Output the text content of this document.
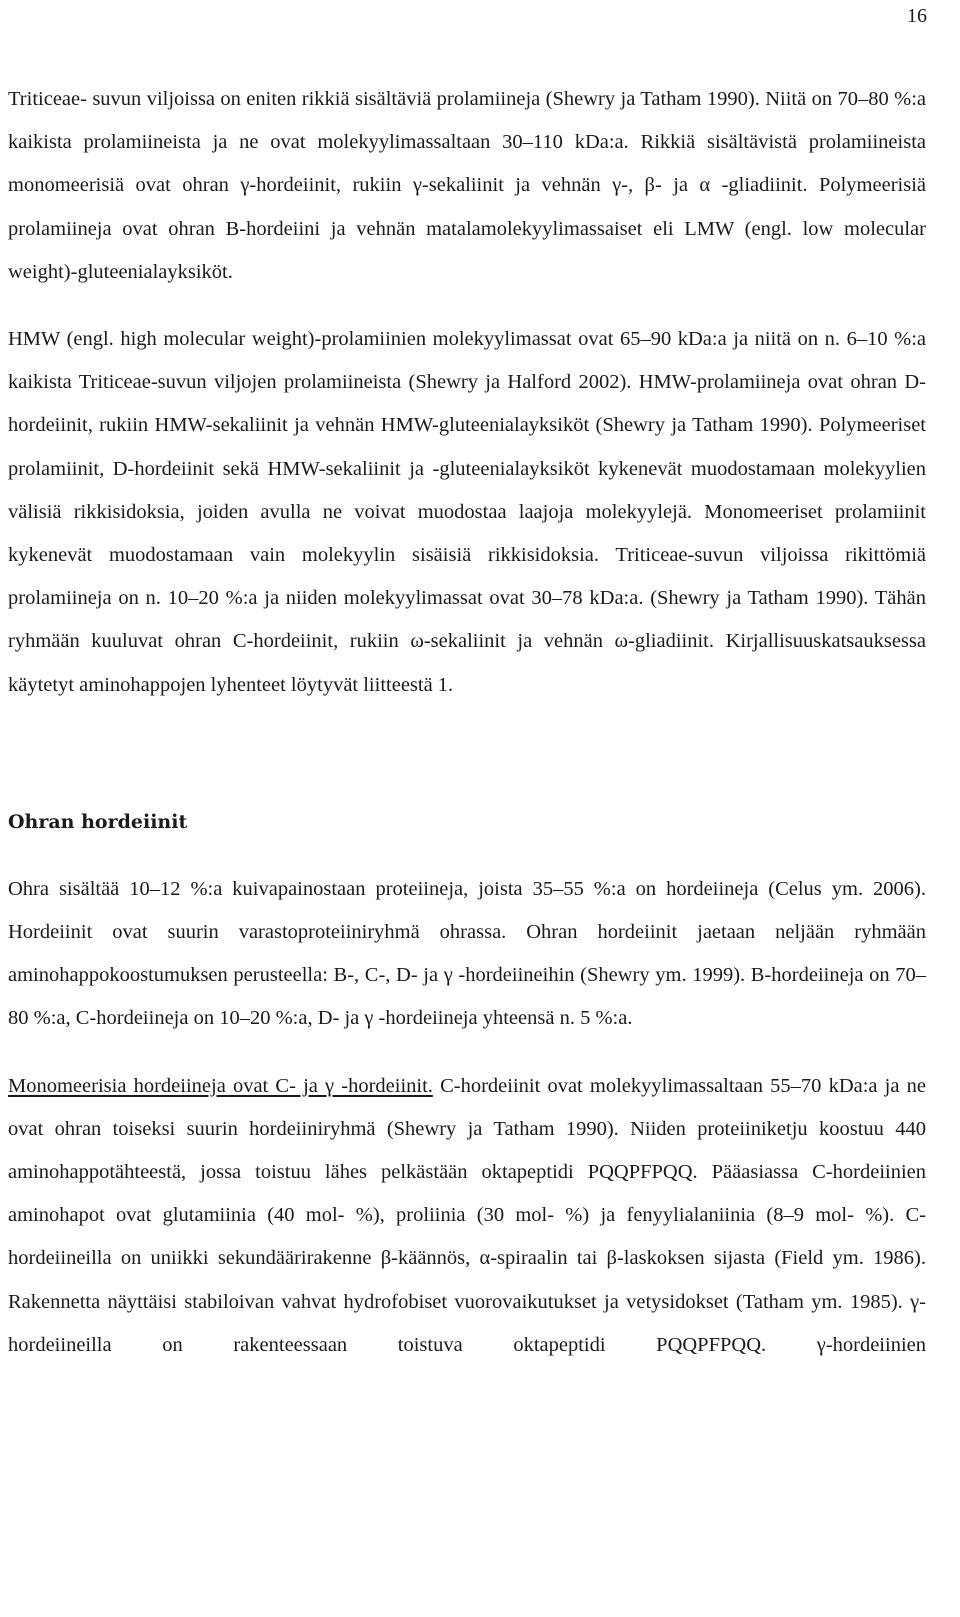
16

Triticeae- suvun viljoissa on eniten rikkiä sisältäviä prolamiineja (Shewry ja Tatham 1990). Niitä on 70–80 %:a kaikista prolamiineista ja ne ovat molekyylimassaltaan 30–110 kDa:a. Rikkiä sisältävistä prolamiineista monomeerisiä ovat ohran γ-hordeiinit, rukiin γ-sekaliinit ja vehnän γ-, β- ja α -gliadiinit. Polymeerisiä prolamiineja ovat ohran B-hordeiini ja vehnän matalamolekyylimassaiset eli LMW (engl. low molecular weight)-gluteenialayksiköt.

HMW (engl. high molecular weight)-prolamiinien molekyylimassat ovat 65–90 kDa:a ja niitä on n. 6–10 %:a kaikista Triticeae-suvun viljojen prolamiineista (Shewry ja Halford 2002). HMW-prolamiineja ovat ohran D-hordeiinit, rukiin HMW-sekaliinit ja vehnän HMW-gluteenialayksiköt (Shewry ja Tatham 1990). Polymeeriset prolamiinit, D-hordeiinit sekä HMW-sekaliinit ja -gluteenialayksiköt kykenevät muodostamaan molekyylien välisiä rikkisidoksia, joiden avulla ne voivat muodostaa laajoja molekyylejä. Monomeeriset prolamiinit kykenevät muodostamaan vain molekyylin sisäisiä rikkisidoksia. Triticeae-suvun viljoissa rikittömiä prolamiineja on n. 10–20 %:a ja niiden molekyylimassat ovat 30–78 kDa:a. (Shewry ja Tatham 1990). Tähän ryhmään kuuluvat ohran C-hordeiinit, rukiin ω-sekaliinit ja vehnän ω-gliadiinit. Kirjallisuuskatsauksessa käytetyt aminohappojen lyhenteet löytyvät liitteestä 1.

Ohran hordeiinit

Ohra sisältää 10–12 %:a kuivapainostaan proteiineja, joista 35–55 %:a on hordeiineja (Celus ym. 2006). Hordeiinit ovat suurin varastoproteiiniryhmä ohrassa. Ohran hordeiinit jaetaan neljään ryhmään aminohappokoostumuksen perusteella: B-, C-, D- ja γ -hordeiineihin (Shewry ym. 1999). B-hordeiineja on 70–80 %:a, C-hordeiineja on 10–20 %:a, D- ja γ -hordeiineja yhteensä n. 5 %:a.

Monomeerisia hordeiineja ovat C- ja γ -hordeiinit. C-hordeiinit ovat molekyylimassaltaan 55–70 kDa:a ja ne ovat ohran toiseksi suurin hordeiiniryhmä (Shewry ja Tatham 1990). Niiden proteiiniketju koostuu 440 aminohappotähteestä, jossa toistuu lähes pelkästään oktapeptidi PQQPFPQQ. Pääasiassa C-hordeiinien aminohapot ovat glutamiinia (40 mol- %), proliinia (30 mol- %) ja fenyylialaniinia (8–9 mol- %). C-hordeiineilla on uniikki sekundäärirakenne β-käännös, α-spiraalin tai β-laskoksen sijasta (Field ym. 1986). Rakennetta näyttäisi stabiloivan vahvat hydrofobiset vuorovaikutukset ja vetysidokset (Tatham ym. 1985). γ-hordeiineilla on rakenteessaan toistuva oktapeptidi PQQPFPQQ. γ-hordeiinien
